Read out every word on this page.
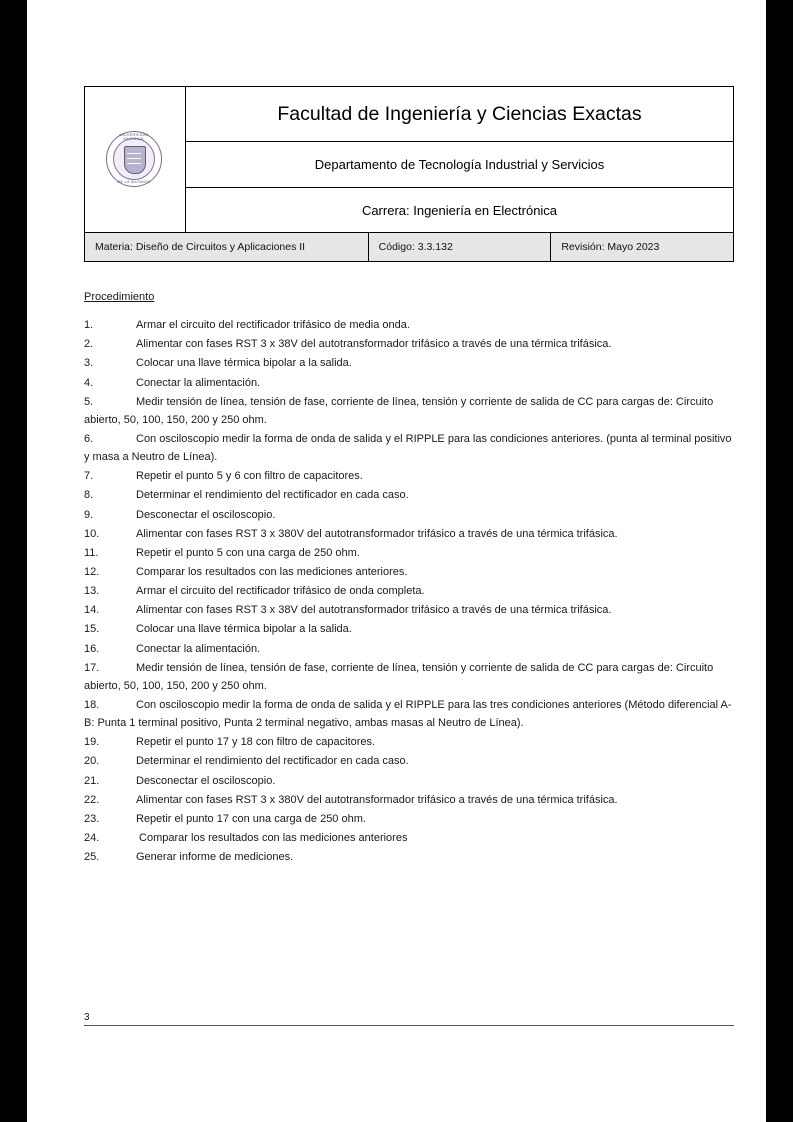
UNIVERSIDAD NACIONAL
DE LA MATANZA

Facultad de Ingeniería y Ciencias Exactas
Departamento de Tecnología Industrial y Servicios
Carrera: Ingeniería en Electrónica

Materia: Diseño de Circuitos y Aplicaciones II		Código: 3.3.132	Revisión: Mayo 2023
Procedimiento
1.	Armar el circuito del rectificador trifásico de media onda.
2.	Alimentar con fases RST 3 x 38V del autotransformador trifásico a través de una térmica trifásica.
3.	Colocar una llave térmica bipolar a la salida.
4.	Conectar la alimentación.
5.	Medir tensión de línea, tensión de fase, corriente de línea, tensión y corriente de salida de CC para cargas de: Circuito abierto, 50, 100, 150, 200 y 250 ohm.
6.	Con osciloscopio medir la forma de onda de salida y el RIPPLE para las condiciones anteriores. (punta al terminal positivo y masa a Neutro de Línea).
7.	Repetir el punto 5 y 6 con filtro de capacitores.
8.	Determinar el rendimiento del rectificador en cada caso.
9.	Desconectar el osciloscopio.
10.	Alimentar con fases RST 3 x 380V del autotransformador trifásico a través de una térmica trifásica.
11.	Repetir el punto 5 con una carga de 250 ohm.
12.	Comparar los resultados con las mediciones anteriores.
13.	Armar el circuito del rectificador trifásico de onda completa.
14.	Alimentar con fases RST 3 x 38V del autotransformador trifásico a través de una térmica trifásica.
15.	Colocar una llave térmica bipolar a la salida.
16.	Conectar la alimentación.
17.	Medir tensión de línea, tensión de fase, corriente de línea, tensión y corriente de salida de CC para cargas de: Circuito abierto, 50, 100, 150, 200 y 250 ohm.
18.	Con osciloscopio medir la forma de onda de salida y el RIPPLE para las tres condiciones anteriores (Método diferencial A-B: Punta 1 terminal positivo, Punta 2 terminal negativo, ambas masas al Neutro de Línea).
19.	Repetir el punto 17 y 18 con filtro de capacitores.
20.	Determinar el rendimiento del rectificador en cada caso.
21.	Desconectar el osciloscopio.
22.	Alimentar con fases RST 3 x 380V del autotransformador trifásico a través de una térmica trifásica.
23.	Repetir el punto 17 con una carga de 250 ohm.
24.	Comparar los resultados con las mediciones anteriores
25.	Generar informe de mediciones.
3
